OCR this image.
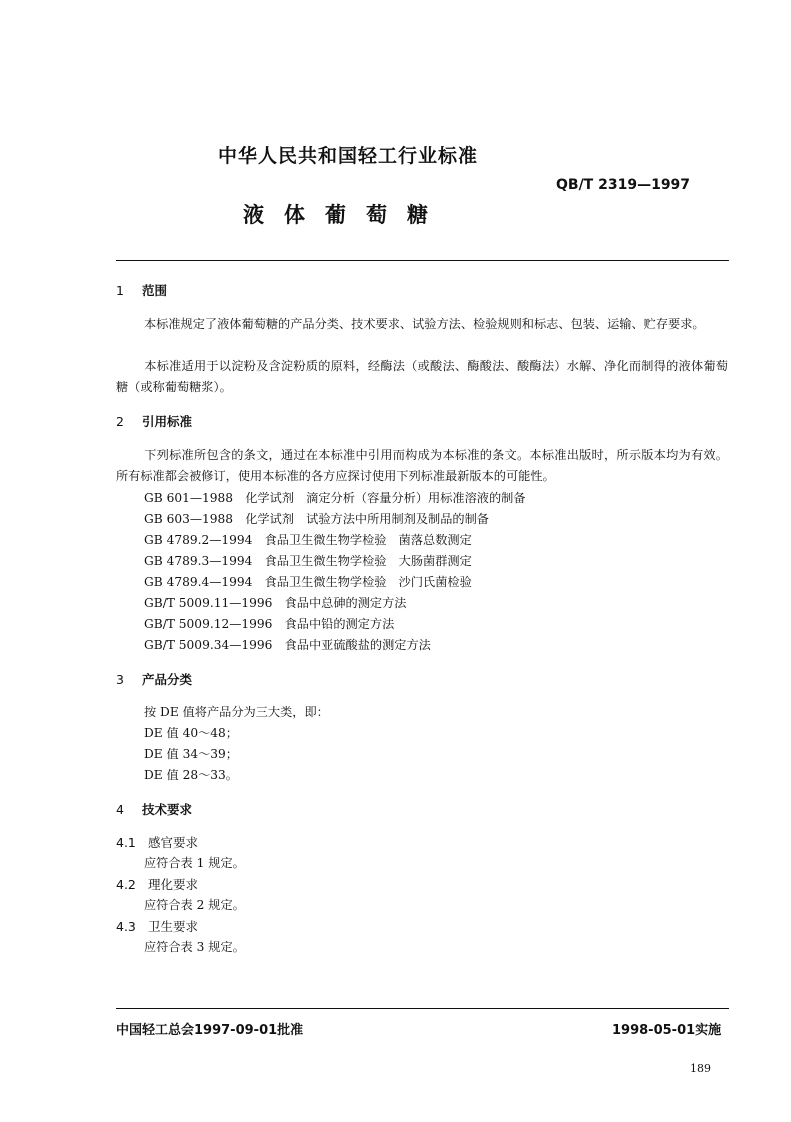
中华人民共和国轻工行业标准
QB/T 2319—1997
液体葡萄糖
1 范围
本标准规定了液体葡萄糖的产品分类、技术要求、试验方法、检验规则和标志、包装、运输、贮存要求。
本标准适用于以淀粉及含淀粉质的原料，经酶法（或酸法、酶酸法、酸酶法）水解、净化而制得的液体葡萄糖（或称葡萄糖浆）。
2 引用标准
下列标准所包含的条文，通过在本标准中引用而构成为本标准的条文。本标准出版时，所示版本均为有效。所有标准都会被修订，使用本标准的各方应探讨使用下列标准最新版本的可能性。
GB 601—1988　化学试剂　滴定分析（容量分析）用标准溶液的制备
GB 603—1988　化学试剂　试验方法中所用制剂及制品的制备
GB 4789.2—1994　食品卫生微生物学检验　菌落总数测定
GB 4789.3—1994　食品卫生微生物学检验　大肠菌群测定
GB 4789.4—1994　食品卫生微生物学检验　沙门氏菌检验
GB/T 5009.11—1996　食品中总砷的测定方法
GB/T 5009.12—1996　食品中铅的测定方法
GB/T 5009.34—1996　食品中亚硫酸盐的测定方法
3 产品分类
按 DE 值将产品分为三大类，即：
DE 值 40～48；
DE 值 34～39；
DE 值 28～33。
4 技术要求
4.1 感官要求
应符合表 1 规定。
4.2 理化要求
应符合表 2 规定。
4.3 卫生要求
应符合表 3 规定。
中国轻工总会1997-09-01批准	1998-05-01实施
189
